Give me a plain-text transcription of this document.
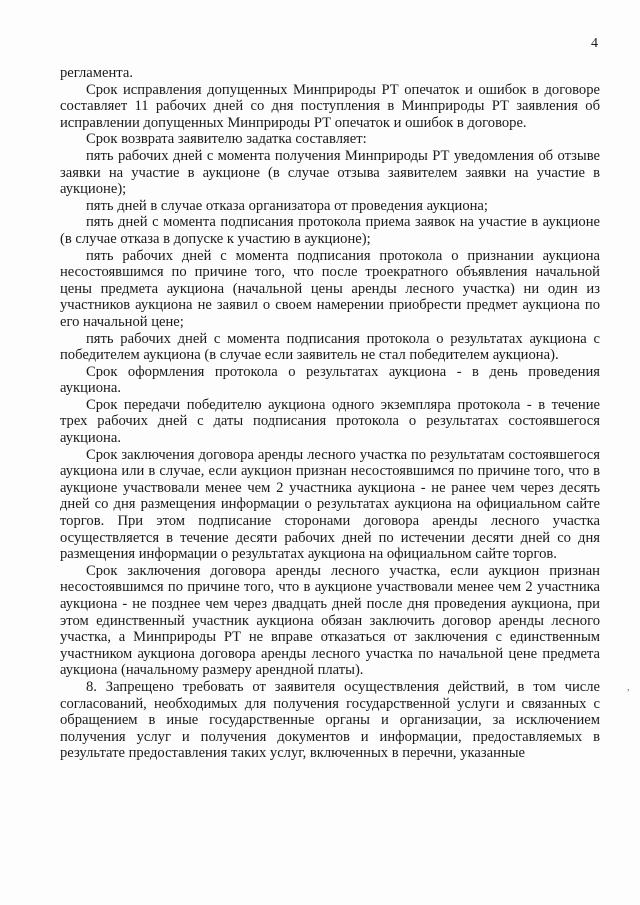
4

регламента.

Срок исправления допущенных Минприроды РТ опечаток и ошибок в договоре составляет 11 рабочих дней со дня поступления в Минприроды РТ заявления об исправлении допущенных Минприроды РТ опечаток и ошибок в договоре.

Срок возврата заявителю задатка составляет:

пять рабочих дней с момента получения Минприроды РТ уведомления об отзыве заявки на участие в аукционе (в случае отзыва заявителем заявки на участие в аукционе);

пять дней в случае отказа организатора от проведения аукциона;

пять дней с момента подписания протокола приема заявок на участие в аукционе (в случае отказа в допуске к участию в аукционе);

пять рабочих дней с момента подписания протокола о признании аукциона несостоявшимся по причине того, что после троекратного объявления начальной цены предмета аукциона (начальной цены аренды лесного участка) ни один из участников аукциона не заявил о своем намерении приобрести предмет аукциона по его начальной цене;

пять рабочих дней с момента подписания протокола о результатах аукциона с победителем аукциона (в случае если заявитель не стал победителем аукциона).

Срок оформления протокола о результатах аукциона - в день проведения аукциона.

Срок передачи победителю аукциона одного экземпляра протокола - в течение трех рабочих дней с даты подписания протокола о результатах состоявшегося аукциона.

Срок заключения договора аренды лесного участка по результатам состоявшегося аукциона или в случае, если аукцион признан несостоявшимся по причине того, что в аукционе участвовали менее чем 2 участника аукциона - не ранее чем через десять дней со дня размещения информации о результатах аукциона на официальном сайте торгов. При этом подписание сторонами договора аренды лесного участка осуществляется в течение десяти рабочих дней по истечении десяти дней со дня размещения информации о результатах аукциона на официальном сайте торгов.

Срок заключения договора аренды лесного участка, если аукцион признан несостоявшимся по причине того, что в аукционе участвовали менее чем 2 участника аукциона - не позднее чем через двадцать дней после дня проведения аукциона, при этом единственный участник аукциона обязан заключить договор аренды лесного участка, а Минприроды РТ не вправе отказаться от заключения с единственным участником аукциона договора аренды лесного участка по начальной цене предмета аукциона (начальному размеру арендной платы).

8. Запрещено требовать от заявителя осуществления действий, в том числе согласований, необходимых для получения государственной услуги и связанных с обращением в иные государственные органы и организации, за исключением получения услуг и получения документов и информации, предоставляемых в результате предоставления таких услуг, включенных в перечни, указанные

,
